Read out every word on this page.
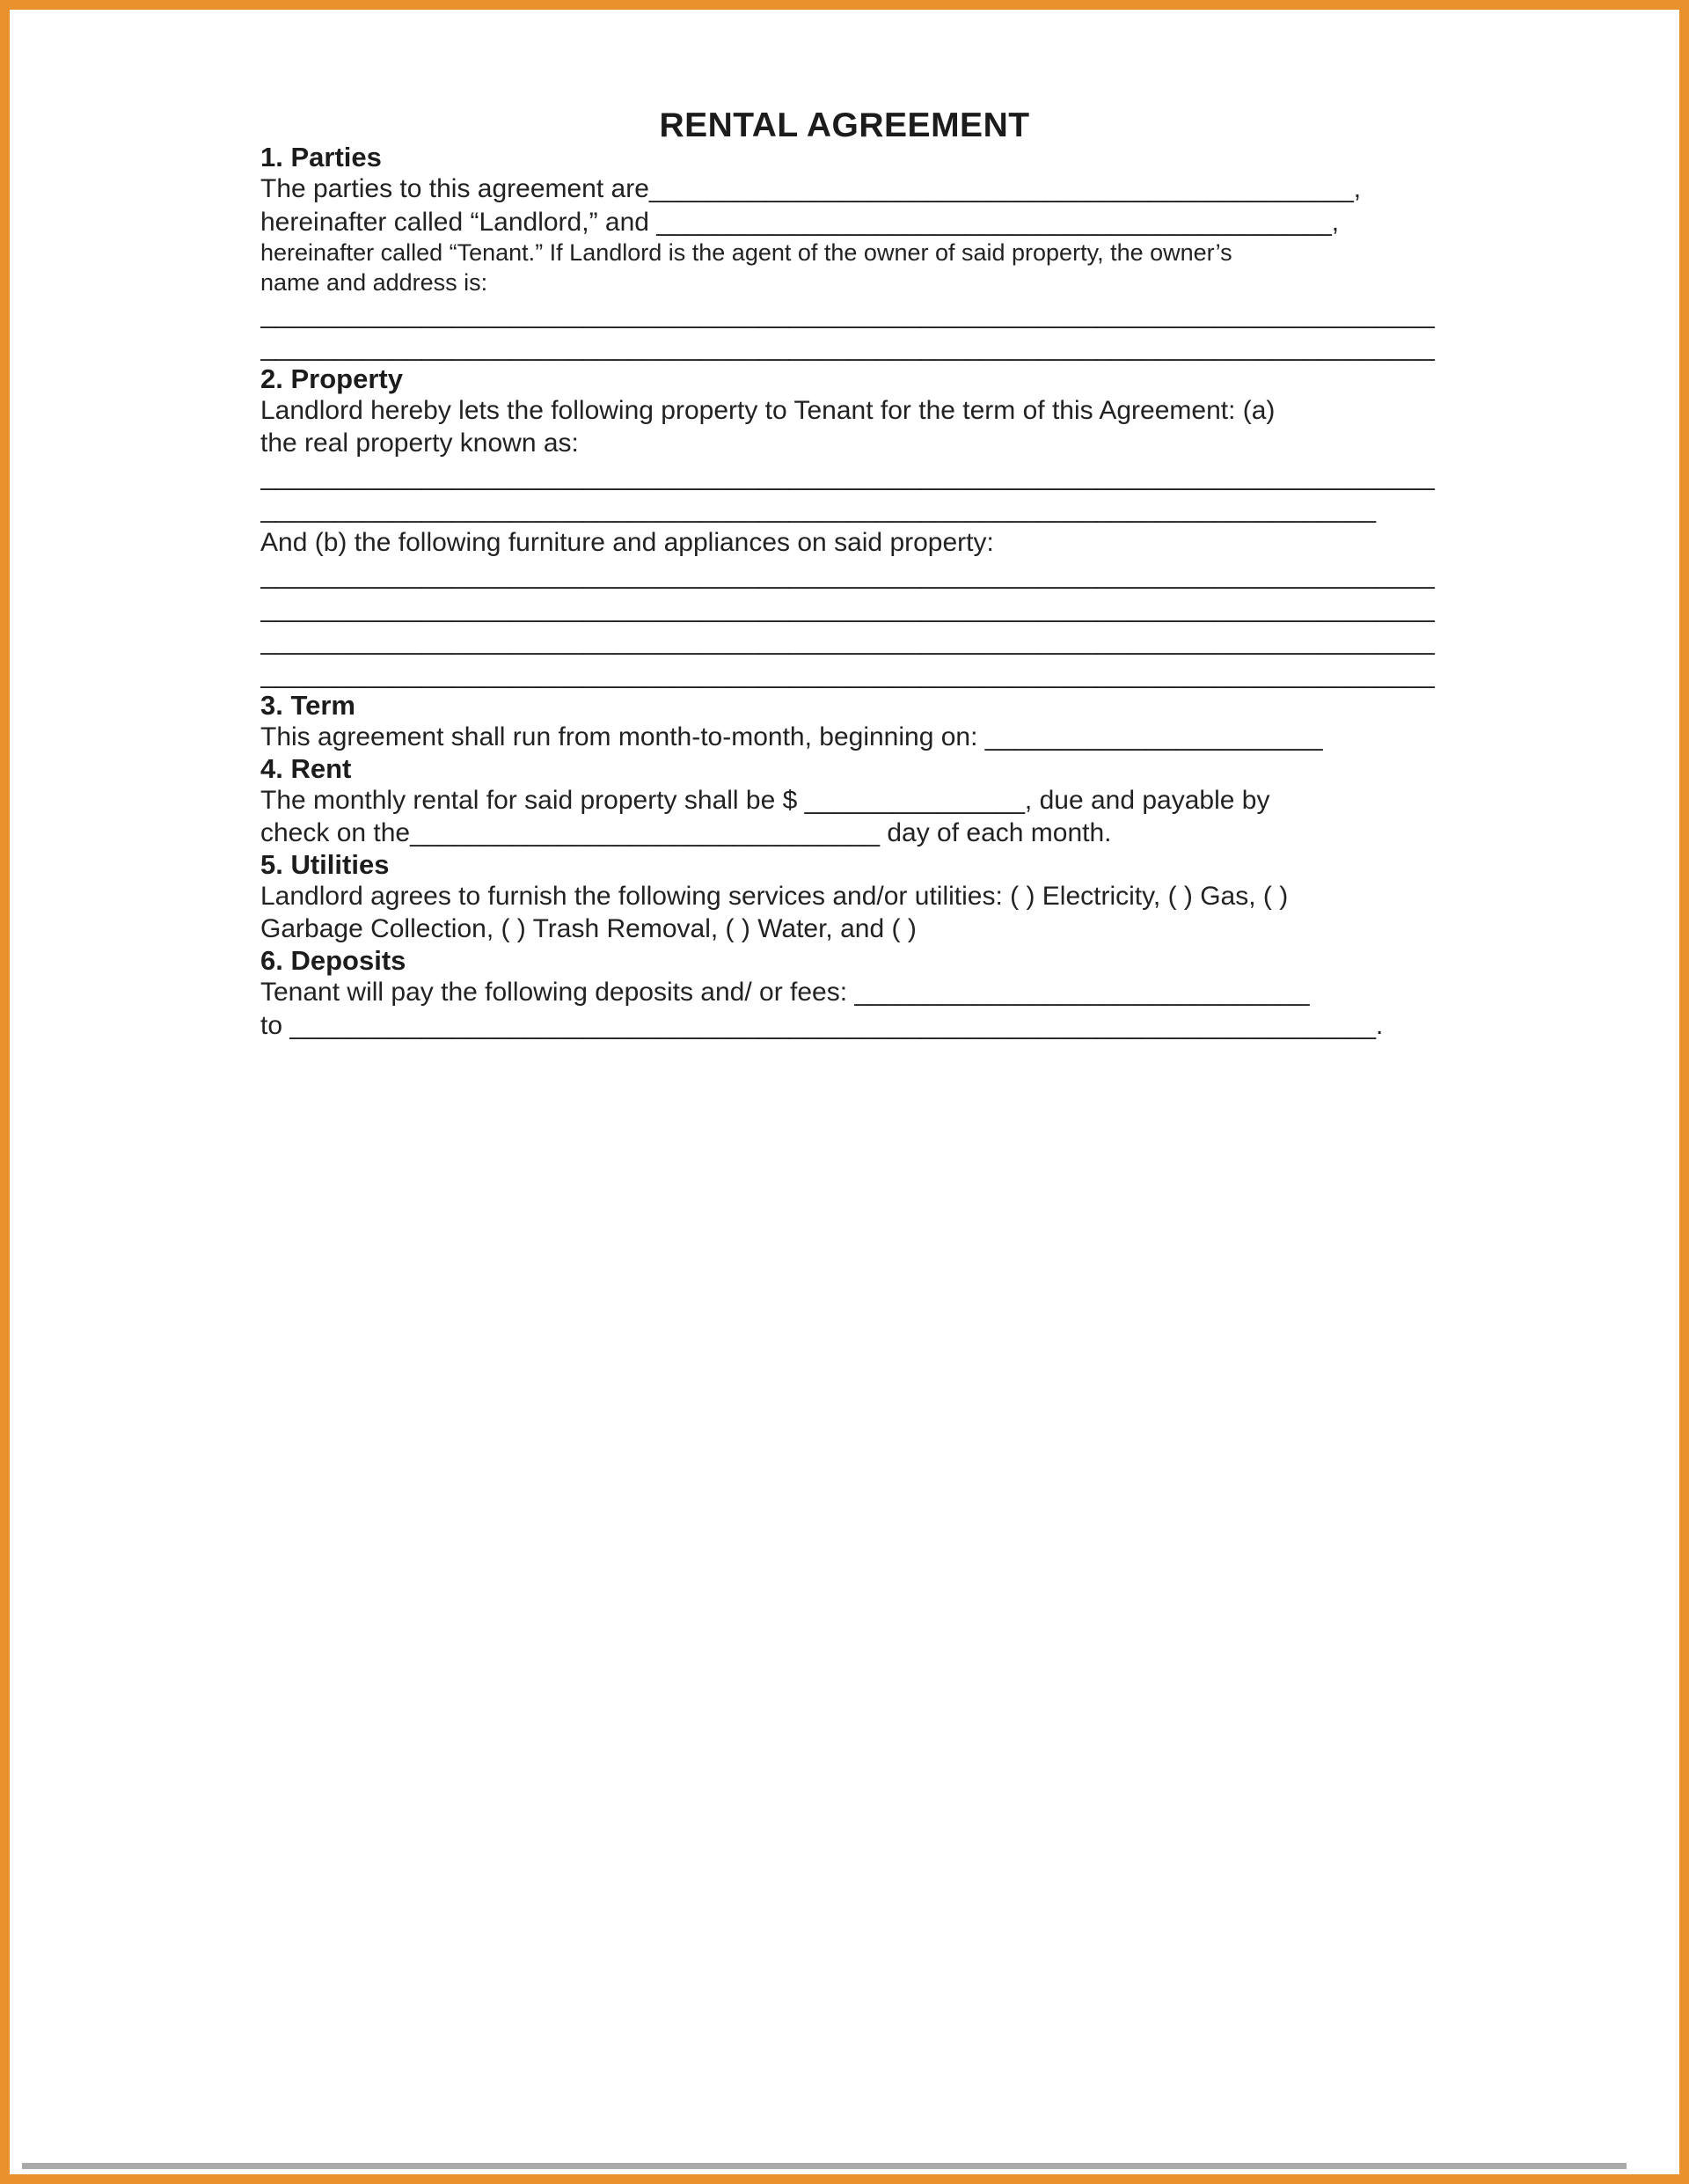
RENTAL AGREEMENT
1. Parties

The parties to this agreement are________________________________________________,

hereinafter called “Landlord,” and ______________________________________________,

hereinafter called “Tenant.” If Landlord is the agent of the owner of said property, the owner’s

name and address is:

________________________________________________________________________________

________________________________________________________________________________

2. Property

Landlord hereby lets the following property to Tenant for the term of this Agreement: (a)

the real property known as:

________________________________________________________________________________

____________________________________________________________________________

And (b) the following furniture and appliances on said property:

________________________________________________________________________________

________________________________________________________________________________

________________________________________________________________________________

________________________________________________________________________________

3. Term

This agreement shall run from month-to-month, beginning on: _______________________

4. Rent

The monthly rental for said property shall be $ _______________, due and payable by

check on the________________________________ day of each month.

5. Utilities

Landlord agrees to furnish the following services and/or utilities: ( ) Electricity, ( ) Gas, ( )

Garbage Collection, ( ) Trash Removal, ( ) Water, and ( )

6. Deposits

Tenant will pay the following deposits and/ or fees: _______________________________

to __________________________________________________________________________.
